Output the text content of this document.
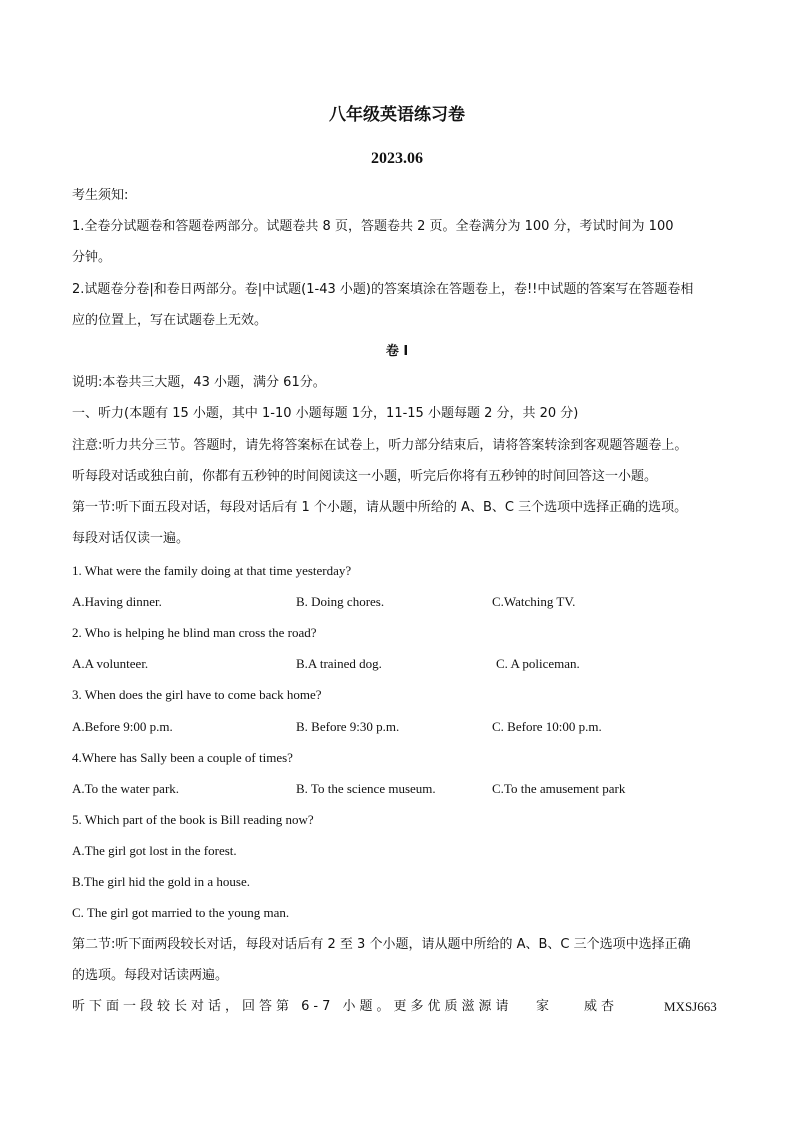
八年级英语练习卷
2023.06
考生须知:
1.全卷分试题卷和答题卷两部分。试题卷共 8 页，答题卷共 2 页。全卷满分为 100 分，考试时间为 100
分钟。
2.试题卷分卷|和卷日两部分。卷|中试题(1-43 小题)的答案填涂在答题卷上，卷!!中试题的答案写在答题卷相
应的位置上，写在试题卷上无效。
卷 I
说明:本卷共三大题，43 小题，满分 61分。
一、听力(本题有 15 小题，其中 1-10 小题每题 1分，11-15 小题每题 2 分，共 20 分)
注意:听力共分三节。答题时，请先将答案标在试卷上，听力部分结束后，请将答案转涂到客观题答题卷上。
听每段对话或独白前，你都有五秒钟的时间阅读这一小题，听完后你将有五秒钟的时间回答这一小题。
第一节:听下面五段对话，每段对话后有 1 个小题，请从题中所给的 A、B、C 三个选项中选择正确的选项。
每段对话仅读一遍。
1. What were the family doing at that time yesterday?
A.Having dinner.	B. Doing chores.	C.Watching TV.
2. Who is helping he blind man cross the road?
A.A volunteer.	B.A trained dog.	C. A policeman.
3. When does the girl have to come back home?
A.Before 9:00 p.m.	B. Before 9:30 p.m.	C. Before 10:00 p.m.
4.Where has Sally been a couple of times?
A.To the water park.	B. To the science museum.	C.To the amusement park
5. Which part of the book is Bill reading now?
A.The girl got lost in the forest.
B.The girl hid the gold in a house.
C. The girl got married to the young man.
第二节:听下面两段较长对话，每段对话后有 2 至 3 个小题，请从题中所给的 A、B、C 三个选项中选择正确
的选项。每段对话读两遍。
听下面一段较长对话，回答第 6-7 小题。更多优质滋源请 家	威杏	MXSJ663
